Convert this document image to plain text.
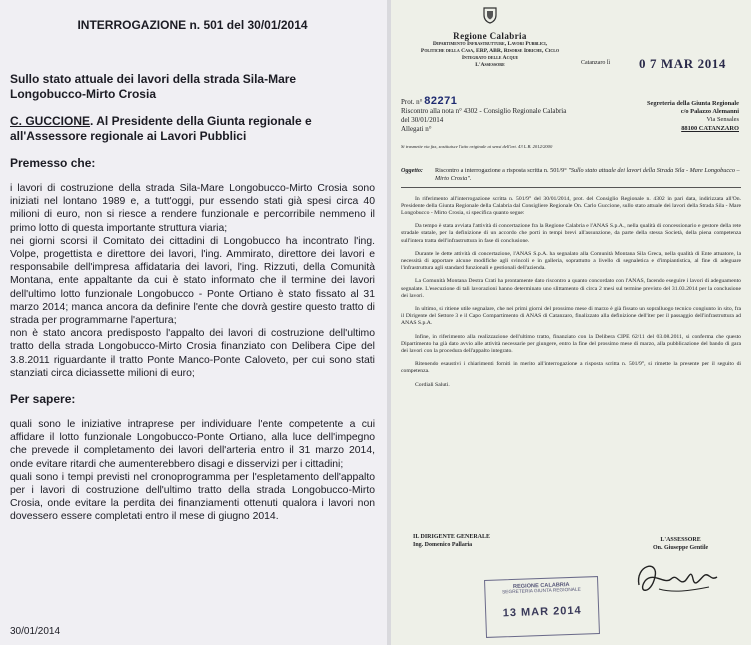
INTERROGAZIONE n. 501 del 30/01/2014
Sullo stato attuale dei lavori della strada Sila-Mare Longobucco-Mirto Crosia
C. GUCCIONE. Al Presidente della Giunta regionale e all'Assessore regionale ai Lavori Pubblici
Premesso che:

i lavori di costruzione della strada Sila-Mare Longobucco-Mirto Crosia sono iniziati nel lontano 1989 e, a tutt'oggi, pur essendo stati già spesi circa 40 milioni di euro, non si riesce a rendere funzionale e percorribile nemmeno il primo lotto di questa importante struttura viaria;

nei giorni scorsi il Comitato dei cittadini di Longobucco ha incontrato l'ing. Volpe, progettista e direttore dei lavori, l'ing. Ammirato, direttore dei lavori e responsabile dell'impresa affidataria dei lavori, l'ing. Rizzuti, della Comunità Montana, ente appaltante da cui è stato informato che il termine dei lavori dell'ultimo lotto funzionale Longobucco - Ponte Ortiano è stato fissato al 31 marzo 2014; manca ancora da definire l'ente che dovrà gestire questo tratto di strada per programmarne l'apertura;

non è stato ancora predisposto l'appalto dei lavori di costruzione dell'ultimo tratto della strada Longobucco-Mirto Crosia finanziato con Delibera Cipe del 3.8.2011 riguardante il tratto Ponte Manco-Ponte Caloveto, per cui sono stati stanziati circa diciassette milioni di euro;

Per sapere:

quali sono le iniziative intraprese per individuare l'ente competente a cui affidare il lotto funzionale Longobucco-Ponte Ortiano, alla luce dell'impegno che prevede il completamento dei lavori dell'arteria entro il 31 marzo 2014, onde evitare ritardi che aumenterebbero disagi e disservizi per i cittadini;

quali sono i tempi previsti nel cronoprogramma per l'espletamento dell'appalto per i lavori di costruzione dell'ultimo tratto della strada Longobucco-Mirto Crosia, onde evitare la perdita dei finanziamenti ottenuti qualora i lavori non dovessero essere completati entro il mese di giugno 2014.

30/01/2014
Regione Calabria
Dipartimento Infrastrutture, Lavori Pubblici,
Politiche della Casa, ERP, ABR, Risorse Idriche, Ciclo
Integrato delle Acque
L'Assessore	Catanzaro lì 0 7 MAR 2014
Prot. n° 82271
Riscontro alla nota n° 4302 - Consiglio Regionale Calabria
del 30/01/2014
Allegati n°
Segreteria della Giunta Regionale
c/o Palazzo Alemanni
Via Sensales
88100 CATANZARO
Si trasmette via fax, sostituisce l'atto originale ai sensi dell'art. 43 L.B. 2012/2000
Oggetto:	Riscontro a interrogazione a risposta scritta n. 501/9° "Sullo stato attuale dei lavori della Strada Sila - Mare Longobucco – Mirto Crosia".

In riferimento all'interrogazione scritta n. 501/9° del 30/01/2014, prot. del Consiglio Regionale n. 4302 in pari data, indirizzata all'On. Presidente della Giunta Regionale della Calabria dal Consigliere Regionale On. Carlo Guccione, sullo stato attuale dei lavori della Strada Sila - Mare Longobucco - Mirto Crosia, si specifica quanto segue:

Da tempo è stata avviata l'attività di concertazione fra la Regione Calabria e l'ANAS S.p.A., nella qualità di concessionario e gestore della rete stradale statale, per la definizione di un accordo che porti in tempi brevi all'assunzione, da parte della stessa Società, della piena competenza sull'intera tratta dell'infrastruttura in fase di conclusione.

Durante le dette attività di concertazione, l'ANAS S.p.A. ha segnalato alla Comunità Montana Sila Greca, nella qualità di Ente attuatore, la necessità di apportare alcune modifiche agli svincoli e in galleria, soprattutto a livello di segnaletica e d'impiantistica, al fine di adeguare l'infrastruttura agli standard funzionali e gestionali dell'azienda.

La Comunità Montana Destra Crati ha prontamente dato riscontro a quanto concordato con l'ANAS, facendo eseguire i lavori di adeguamento segnalate. L'esecuzione di tali lavorazioni hanno determinato uno slittamento di circa 2 mesi sul termine previsto del 31.03.2014 per la conclusione dei lavori.

In ultimo, si ritiene utile segnalare, che nei primi giorni del prossimo mese di marzo è già fissato un sopralluogo tecnico congiunto in sito, fra il Dirigente del Settore 3 e il Capo Compartimento di ANAS di Catanzaro, finalizzato alla definizione dell'iter per il passaggio dell'infrastruttura ad ANAS S.p.A.

Infine, in riferimento alla realizzazione dell'ultimo tratto, finanziato con la Delibera CIPE 62/11 del 03.08.2011, si conferma che questo Dipartimento ha già dato avvio alle attività necessarie per giungere, entro la fine del prossimo mese di marzo, alla pubblicazione del bando di gara dei lavori con la procedura dell'appalto integrato.

Ritenendo esaustivi i chiarimenti forniti in merito all'interrogazione a risposta scritta n. 501/9°, si rimette la presente per il seguito di competenza.

Cordiali Saluti.

IL DIRIGENTE GENERALE
Ing. Domenico Pallaria
L'ASSESSORE
On. Giuseppe Gentile
REGIONE CALABRIA
SEGRETERIA GIUNTA REGIONALE
13 MAR 2014
